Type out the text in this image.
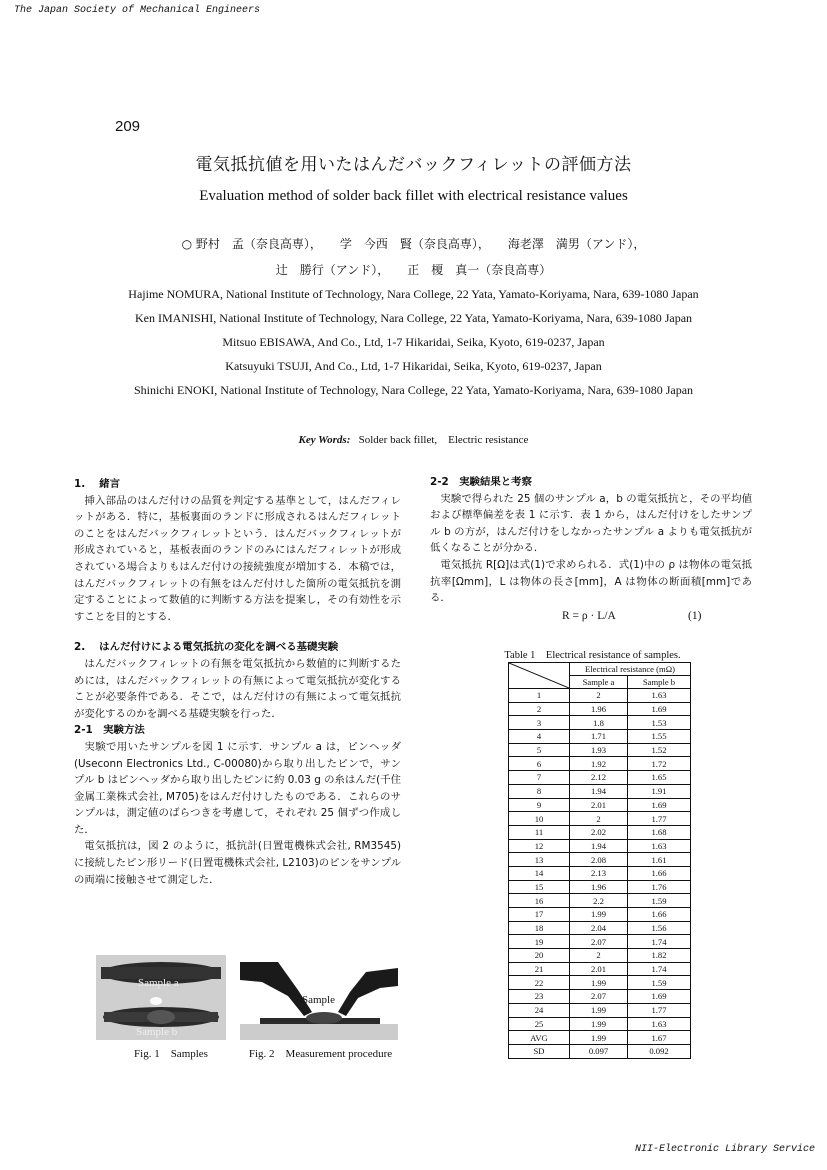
The Japan Society of Mechanical Engineers
NII-Electronic Library Service
209
電気抵抗値を用いたはんだバックフィレットの評価方法
Evaluation method of solder back fillet with electrical resistance values
○ 野村　孟（奈良高専），　　学　今西　賢（奈良高専），　　海老澤　満男（アンド），
辻　勝行（アンド），　　正　榎　真一（奈良高専）
Hajime NOMURA, National Institute of Technology, Nara College, 22 Yata, Yamato-Koriyama, Nara, 639-1080 Japan
Ken IMANISHI, National Institute of Technology, Nara College, 22 Yata, Yamato-Koriyama, Nara, 639-1080 Japan
Mitsuo EBISAWA, And Co., Ltd, 1-7 Hikaridai, Seika, Kyoto, 619-0237, Japan
Katsuyuki TSUJI, And Co., Ltd, 1-7 Hikaridai, Seika, Kyoto, 619-0237, Japan
Shinichi ENOKI, National Institute of Technology, Nara College, 22 Yata, Yamato-Koriyama, Nara, 639-1080 Japan
Key Words: Solder back fillet,　Electric resistance

1.　 緒言

挿入部品のはんだ付けの品質を判定する基準として，はんだフィレットがある．特に，基板裏面のランドに形成されるはんだフィレットのことをはんだバックフィレットという．はんだバックフィレットが形成されていると，基板表面のランドのみにはんだフィレットが形成されている場合よりもはんだ付けの接続強度が増加する．本稿では，はんだバックフィレットの有無をはんだ付けした箇所の電気抵抗を測定することによって数値的に判断する方法を提案し，その有効性を示すことを目的とする．

2.　 はんだ付けによる電気抵抗の変化を調べる基礎実験

はんだバックフィレットの有無を電気抵抗から数値的に判断するためには，はんだバックフィレットの有無によって電気抵抗が変化することが必要条件である．そこで，はんだ付けの有無によって電気抵抗が変化するのかを調べる基礎実験を行った．

2-1　実験方法

実験で用いたサンプルを図 1 に示す．サンプル a は，ピンヘッダ(Useconn Electronics Ltd., C-00080)から取り出したピンで，サンプル b はピンヘッダから取り出したピンに約 0.03 g の糸はんだ(千住金属工業株式会社, M705)をはんだ付けしたものである．これらのサンプルは，測定値のばらつきを考慮して，それぞれ 25 個ずつ作成した．

電気抵抗は，図 2 のように，抵抗計(日置電機株式会社, RM3545)に接続したピン形リード(日置電機株式会社, L2103)のピンをサンプルの両端に接触させて測定した．

Sample a
Sample b
Fig. 1　Samples
Sample
Fig. 2　Measurement procedure

2-2　実験結果と考察

実験で得られた 25 個のサンプル a，b の電気抵抗と，その平均値および標準偏差を表 1 に示す．表 1 から，はんだ付けをしたサンプル b の方が，はんだ付けをしなかったサンプル a よりも電気抵抗が低くなることが分かる．

電気抵抗 R[Ω]は式(1)で求められる．式(1)中の ρ は物体の電気抵抗率[Ωmm]，L は物体の長さ[mm]，A は物体の断面積[mm]である．

R = ρ · L/A	(1)
Table 1　Electrical resistance of samples.
	Electrical resistance (mΩ)	
	Sample a	Sample b
1	2	1.63
2	1.96	1.69
3	1.8	1.53
4	1.71	1.55
5	1.93	1.52
6	1.92	1.72
7	2.12	1.65
8	1.94	1.91
9	2.01	1.69
10	2	1.77
11	2.02	1.68
12	1.94	1.63
13	2.08	1.61
14	2.13	1.66
15	1.96	1.76
16	2.2	1.59
17	1.99	1.66
18	2.04	1.56
19	2.07	1.74
20	2	1.82
21	2.01	1.74
22	1.99	1.59
23	2.07	1.69
24	1.99	1.77
25	1.99	1.63
AVG	1.99	1.67
SD	0.097	0.092
